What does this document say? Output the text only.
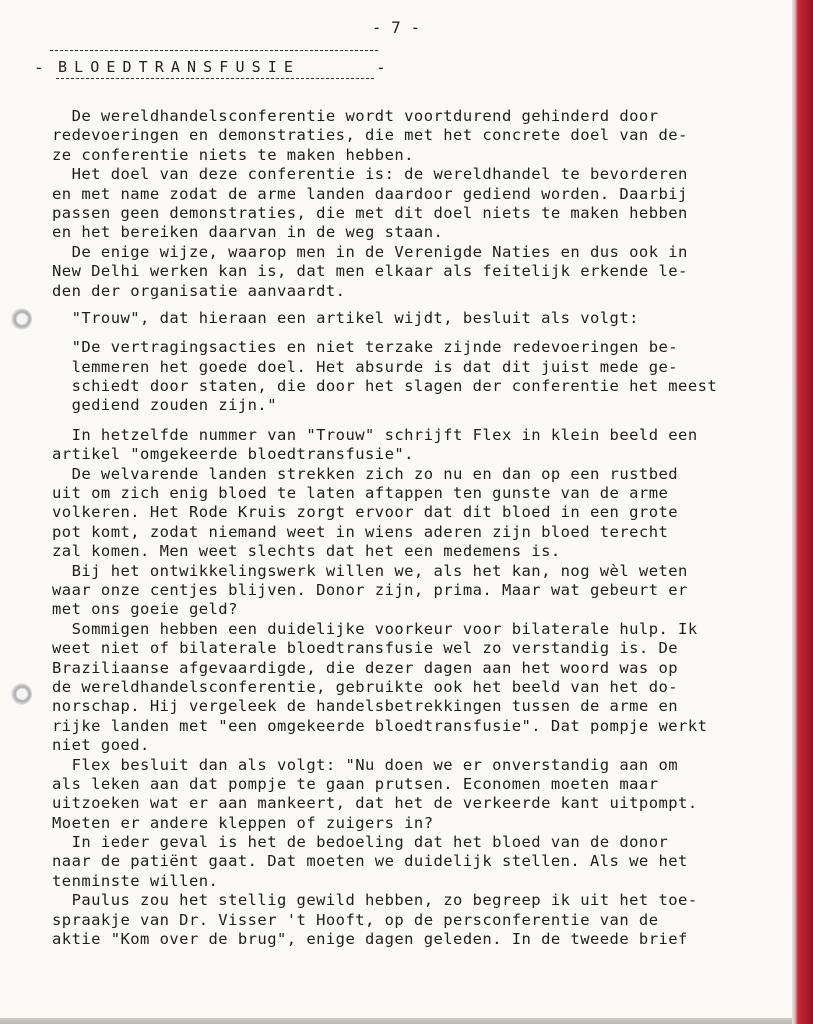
- 7 -
- BLOEDTRANSFUSIE	-
De wereldhandelsconferentie wordt voortdurend gehinderd door
redevoeringen en demonstraties, die met het concrete doel van de-
ze conferentie niets te maken hebben.
Het doel van deze conferentie is: de wereldhandel te bevorderen
en met name zodat de arme landen daardoor gediend worden. Daarbij
passen geen demonstraties, die met dit doel niets te maken hebben
en het bereiken daarvan in de weg staan.
De enige wijze, waarop men in de Verenigde Naties en dus ook in
New Delhi werken kan is, dat men elkaar als feitelijk erkende le-
den der organisatie aanvaardt.
"Trouw", dat hieraan een artikel wijdt, besluit als volgt:
"De vertragingsacties en niet terzake zijnde redevoeringen be-
lemmeren het goede doel. Het absurde is dat dit juist mede ge-
schiedt door staten, die door het slagen der conferentie het meest
gediend zouden zijn."
In hetzelfde nummer van "Trouw" schrijft Flex in klein beeld een
artikel "omgekeerde bloedtransfusie".
De welvarende landen strekken zich zo nu en dan op een rustbed
uit om zich enig bloed te laten aftappen ten gunste van de arme
volkeren. Het Rode Kruis zorgt ervoor dat dit bloed in een grote
pot komt, zodat niemand weet in wiens aderen zijn bloed terecht
zal komen. Men weet slechts dat het een medemens is.
Bij het ontwikkelingswerk willen we, als het kan, nog wèl weten
waar onze centjes blijven. Donor zijn, prima. Maar wat gebeurt er
met ons goeie geld?
Sommigen hebben een duidelijke voorkeur voor bilaterale hulp. Ik
weet niet of bilaterale bloedtransfusie wel zo verstandig is. De
Braziliaanse afgevaardigde, die dezer dagen aan het woord was op
de wereldhandelsconferentie, gebruikte ook het beeld van het do-
norschap. Hij vergeleek de handelsbetrekkingen tussen de arme en
rijke landen met "een omgekeerde bloedtransfusie". Dat pompje werkt
niet goed.
Flex besluit dan als volgt: "Nu doen we er onverstandig aan om
als leken aan dat pompje te gaan prutsen. Economen moeten maar
uitzoeken wat er aan mankeert, dat het de verkeerde kant uitpompt.
Moeten er andere kleppen of zuigers in?
In ieder geval is het de bedoeling dat het bloed van de donor
naar de patiënt gaat. Dat moeten we duidelijk stellen. Als we het
tenminste willen.
Paulus zou het stellig gewild hebben, zo begreep ik uit het toe-
spraakje van Dr. Visser 't Hooft, op de persconferentie van de
aktie "Kom over de brug", enige dagen geleden. In de tweede brief
